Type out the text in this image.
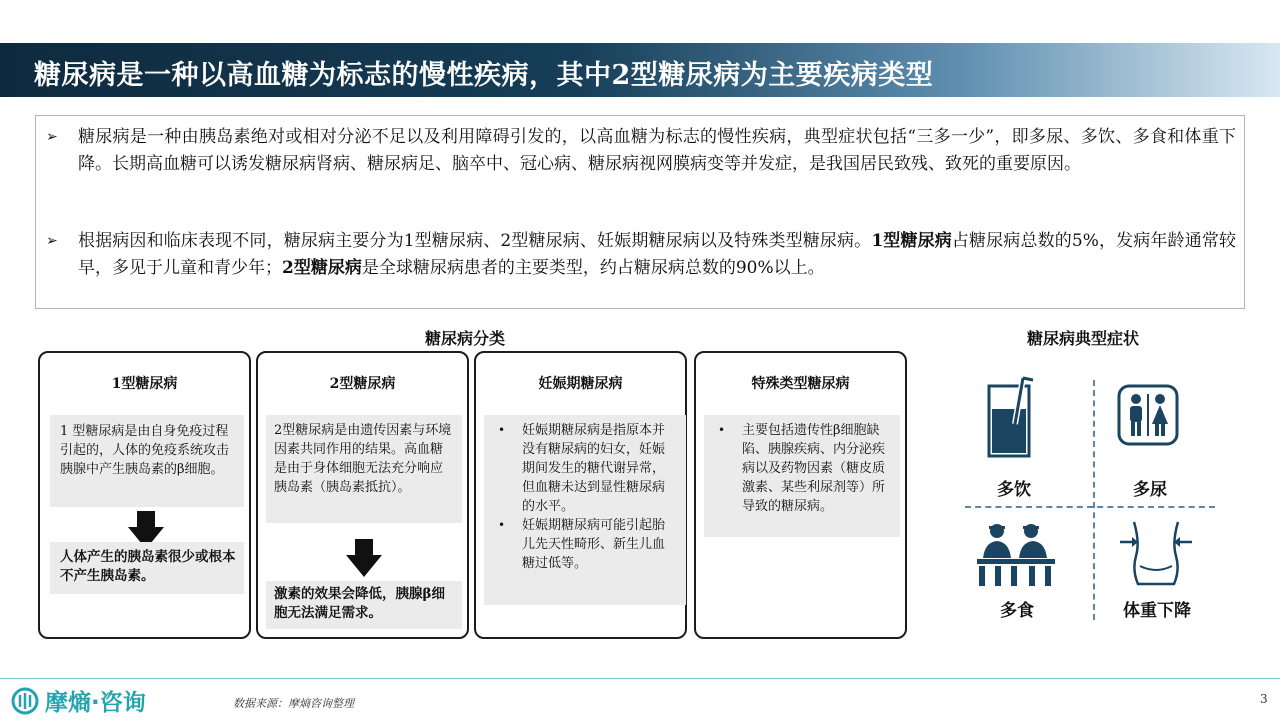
糖尿病是一种以高血糖为标志的慢性疾病，其中2型糖尿病为主要疾病类型
➢ 糖尿病是一种由胰岛素绝对或相对分泌不足以及利用障碍引发的，以高血糖为标志的慢性疾病，典型症状包括“三多一少”，即多尿、多饮、多食和体重下降。长期高血糖可以诱发糖尿病肾病、糖尿病足、脑卒中、冠心病、糖尿病视网膜病变等并发症，是我国居民致残、致死的重要原因。
➢ 根据病因和临床表现不同，糖尿病主要分为1型糖尿病、2型糖尿病、妊娠期糖尿病以及特殊类型糖尿病。1型糖尿病占糖尿病总数的5%，发病年龄通常较早，多见于儿童和青少年；2型糖尿病是全球糖尿病患者的主要类型，约占糖尿病总数的90%以上。
糖尿病分类	糖尿病典型症状
1型糖尿病
1 型糖尿病是由自身免疫过程引起的，人体的免疫系统攻击胰腺中产生胰岛素的β细胞。
人体产生的胰岛素很少或根本不产生胰岛素。
2型糖尿病
2型糖尿病是由遗传因素与环境因素共同作用的结果。高血糖是由于身体细胞无法充分响应胰岛素（胰岛素抵抗）。
激素的效果会降低，胰腺β细胞无法满足需求。
妊娠期糖尿病
• 妊娠期糖尿病是指原本并没有糖尿病的妇女，妊娠期间发生的糖代谢异常，但血糖未达到显性糖尿病的水平。
• 妊娠期糖尿病可能引起胎儿先天性畸形、新生儿血糖过低等。
特殊类型糖尿病
• 主要包括遗传性β细胞缺陷、胰腺疾病、内分泌疾病以及药物因素（糖皮质激素、某些利尿剂等）所导致的糖尿病。
多饮	多尿
多食	体重下降
摩熵·咨询	数据来源：摩熵咨询整理	3
